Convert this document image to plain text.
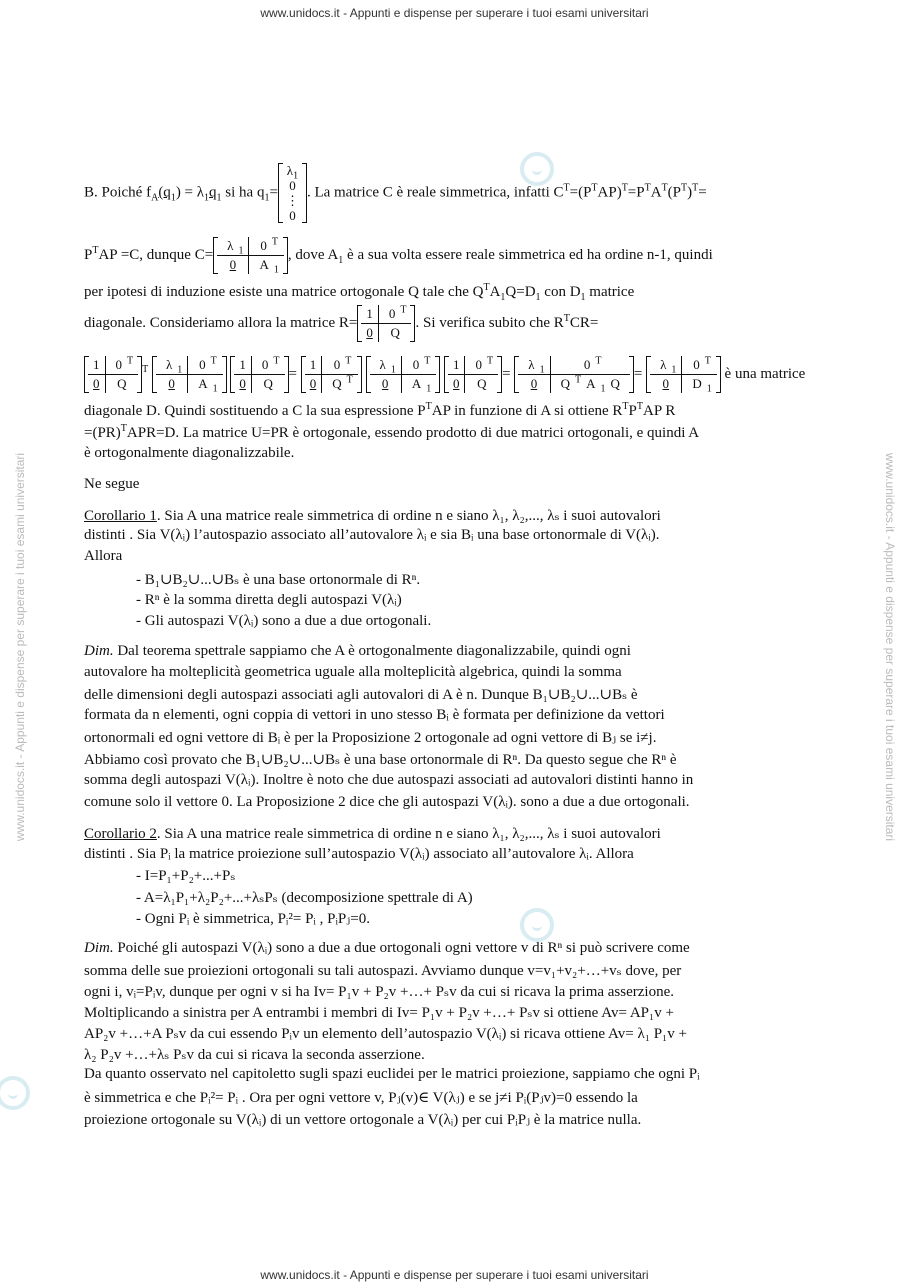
www.unidocs.it - Appunti e dispense per superare i tuoi esami universitari
www.unidocs.it - Appunti e dispense per superare i tuoi esami universitari
www.unidocs.it - Appunti e dispense per superare i tuoi esami universitari	www.unidocs.it - Appunti e dispense per superare i tuoi esami universitari
B. Poiché $f_A(q_1) = \lambda_1q_1$ si ha $q_1=$
$\lambda_1$
0
⋮
0
. La matrice C è reale simmetrica, infatti $C^T=(P^TAP)^T=P^TA^T(P^T)^T=$
$P^TAP =C$, dunque C=
λ $_1$	0 $^T$
0	A $_1$
, dove $A_1$ è a sua volta essere reale simmetrica ed ha ordine n-1, quindi
per ipotesi di induzione esiste una matrice ortogonale Q tale che $Q^TA_1Q=D_1$ con $D_1$ matrice
diagonale. Consideriamo allora la matrice R=
1	0 $^T$
0	Q
. Si verifica subito che $R^TCR=$
1	0 $^T$
0	Q
$^T$	λ $_1$	0 $^T$
0	A $_1$

1	0 $^T$
0	Q
=
1	0 $^T$
0	Q $^T$

λ $_1$	0 $^T$
0	A $_1$

1	0 $^T$
0	Q
=
λ $_1$	0 $^T$
0	Q $^T$ A $_1$ Q
=
λ $_1$	0 $^T$
0	D $_1$
è una matrice
diagonale D. Quindi sostituendo a C la sua espressione $P^TAP$ in funzione di A si ottiene $R^TP^TAP$ R
=(PR)$^T$APR=D. La matrice U=PR è ortogonale, essendo prodotto di due matrici ortogonali, e quindi A
è ortogonalmente diagonalizzabile.
Ne segue
Corollario 1. Sia A una matrice reale simmetrica di ordine n e siano λ₁, λ₂,..., λₛ i suoi autovalori
distinti . Sia V(λᵢ) l’autospazio associato all’autovalore λᵢ e sia Bᵢ una base ortonormale di V(λᵢ).
Allora
- B₁∪B₂∪...∪Bₛ è una base ortonormale di Rⁿ.
- Rⁿ è la somma diretta degli autospazi V(λᵢ)
- Gli autospazi V(λᵢ) sono a due a due ortogonali.
Dim. Dal teorema spettrale sappiamo che A è ortogonalmente diagonalizzabile, quindi ogni
autovalore ha molteplicità geometrica uguale alla molteplicità algebrica, quindi la somma
delle dimensioni degli autospazi associati agli autovalori di A è n. Dunque B₁∪B₂∪...∪Bₛ è
formata da n elementi, ogni coppia di vettori in uno stesso Bᵢ è formata per definizione da vettori
ortonormali ed ogni vettore di Bᵢ è per la Proposizione 2 ortogonale ad ogni vettore di Bⱼ se i≠j.
Abbiamo così provato che B₁∪B₂∪...∪Bₛ è una base ortonormale di Rⁿ. Da questo segue che Rⁿ è
somma degli autospazi V(λᵢ). Inoltre è noto che due autospazi associati ad autovalori distinti hanno in
comune solo il vettore 0. La Proposizione 2 dice che gli autospazi V(λᵢ). sono a due a due ortogonali.
Corollario 2. Sia A una matrice reale simmetrica di ordine n e siano λ₁, λ₂,..., λₛ i suoi autovalori
distinti . Sia Pᵢ la matrice proiezione sull’autospazio V(λᵢ) associato all’autovalore λᵢ. Allora
- I=P₁+P₂+...+Pₛ
- A=λ₁P₁+λ₂P₂+...+λₛPₛ (decomposizione spettrale di A)
- Ogni Pᵢ è simmetrica, Pᵢ²= Pᵢ , PᵢPⱼ=0.
Dim. Poiché gli autospazi V(λᵢ) sono a due a due ortogonali ogni vettore v di Rⁿ si può scrivere come
somma delle sue proiezioni ortogonali su tali autospazi. Avviamo dunque v=v₁+v₂+…+vₛ dove, per
ogni i, vᵢ=Pᵢv, dunque per ogni v si ha Iv= P₁v + P₂v +…+ Pₛv da cui si ricava la prima asserzione.
Moltiplicando a sinistra per A entrambi i membri di Iv= P₁v + P₂v +…+ Pₛv si ottiene Av= AP₁v +
AP₂v +…+A Pₛv da cui essendo Pᵢv un elemento dell’autospazio V(λᵢ) si ricava ottiene Av= λ₁ P₁v +
λ₂ P₂v +…+λₛ Pₛv da cui si ricava la seconda asserzione.
Da quanto osservato nel capitoletto sugli spazi euclidei per le matrici proiezione, sappiamo che ogni Pᵢ
è simmetrica e che Pᵢ²= Pᵢ . Ora per ogni vettore v, Pⱼ(v)∈ V(λⱼ) e se j≠i Pᵢ(Pⱼv)=0 essendo la
proiezione ortogonale su V(λᵢ) di un vettore ortogonale a V(λᵢ) per cui PᵢPⱼ è la matrice nulla.
